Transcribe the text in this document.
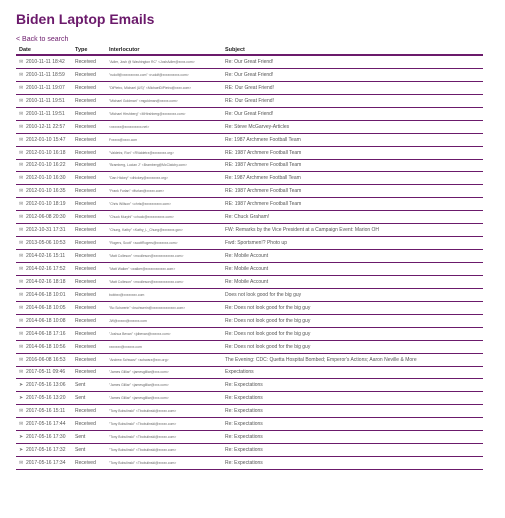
Biden Laptop Emails
< Back to search
Date	Type	Interlocutor	Subject
✉ 2010-11-11 18:42	Received	"Adler, Josh @ Washington RC" <JoshAdler@xxxx.com>	Re: Our Great Friend!
✉ 2010-11-11 18:59	Received	"rudolf@xxxxxxxxxx.com" <rudolf@xxxxxxxxxx.com>	Re: Our Great Friend!
✉ 2010-11-11 19:07	Received	"DiPietro, Michael (US)" <MichaelDiPietro@xxxx.com>	RE: Our Great Friend!
✉ 2010-11-11 19:51	Received	"Michael Goldman" <mgoldman@xxxxx.com>	RE: Our Great Friend!
✉ 2010-11-11 19:51	Received	"Michael Hirshberg" <MHirshberg@xxxxxxxx.com>	Re: Our Great Friend!
✉ 2010-12-11 22:57	Received	<xxxxxx@xxxxxxxxxx.net>	Re: Steve McGarvey-Articles
✉ 2012-01-10 15:47	Received	Fxxxxx@xxxx.com	Re: 1987 Archmere Football Team
✉ 2012-01-10 16:18	Received	"Valdetrz, Ron" <RValdetrz@xxxxxxxx.org>	RE: 1987 Archmere Football Team
✉ 2012-01-10 16:22	Received	"Bramberg, Lucian J" <Bramberg@McClatchy.com>	RE: 1987 Archmere Football Team
✉ 2012-01-10 16:30	Received	"Dan Hickey" <dhickey@xxxxxxxx.org>	Re: 1987 Archmere Football Team
✉ 2012-01-10 16:35	Received	"Frank Furlan" <ffurlan@xxxxx.com>	RE: 1987 Archmere Football Team
✉ 2012-01-10 18:19	Received	"Chris Willson" <chris@xxxxxxxxxx.com>	RE: 1987 Archmere Football Team
✉ 2012-06-08 20:30	Received	"Chuck Murphi" <chuck@xxxxxxxxxx.com>	Re: Chuck Graham!
✉ 2012-10-31 17:31	Received	"Chung, Kathy" <Kathy_L_Chung@xxxxxxx.gov>	FW: Remarks by the Vice President at a Campaign Event: Marion OH
✉ 2013-05-06 10:53	Received	"Rogers, Scott" <scottRogers@xxxxxxx.com>	Fwd: Sportsmen!? Photo up
✉ 2014-02-16 15:11	Received	"Matt Colleson" <mcolleson@xxxxxxxxxxxx.com>	Re: Mobile Account
✉ 2014-02-16 17:52	Received	"Matt Walker" <walker@xxxxxxxxxxxx.com>	Re: Mobile Account
✉ 2014-02-16 18:18	Received	"Matt Colleson" <mcolleson@xxxxxxxxxxxx.com>	Re: Mobile Account
✉ 2014-06-18 10:01	Received	bobbxx@xxxxxxxx.com	Does not look good for the big guy
✉ 2014-06-18 10:05	Received	"Bo Schwerin" <bschwerin@xxxxxxxxxxxxxx.com>	Re: Does not look good for the big guy
✉ 2014-06-18 10:08	Received	JW@xxxxx@xxxxxx.com	Re: Does not look good for the big guy
✉ 2014-06-18 17:16	Received	"Joshua Bevan" <jdbevan@xxxxxx.com>	Re: Does not look good for the big guy
✉ 2014-06-18 10:56	Received	xxxxxxx@xxxxxx.com	Re: Does not look good for the big guy
✉ 2016-06-08 16:53	Received	"Andrew Schwarz" <schwarz@xxx.org>	The Evening: CDC: Quetta Hospital Bombed; Emperor's Actions; Aaron Neville & More
✉ 2017-05-11 09:46	Received	"James Gilliar" <jamesgilliar@xxx.com>	Expectations
➤ 2017-05-16 13:06	Sent	"James Gilliar" <jamesgilliar@xxx.com>	Re: Expectations
➤ 2017-05-16 13:20	Sent	"James Gilliar" <jamesgilliar@xxx.com>	Re: Expectations
✉ 2017-05-16 15:11	Received	"Tony Bobulinski" <Tbobulinski@xxxxx.com>	Re: Expectations
✉ 2017-05-16 17:44	Received	"Tony Bobulinski" <Tbobulinski@xxxxx.com>	Re: Expectations
➤ 2017-05-16 17:30	Sent	"Tony Bobulinski" <Tbobulinski@xxxxx.com>	Re: Expectations
➤ 2017-05-16 17:32	Sent	"Tony Bobulinski" <Tbobulinski@xxxxx.com>	Re: Expectations
✉ 2017-05-16 17:34	Received	"Tony Bobulinski" <Tbobulinski@xxxxx.com>	Re: Expectations
